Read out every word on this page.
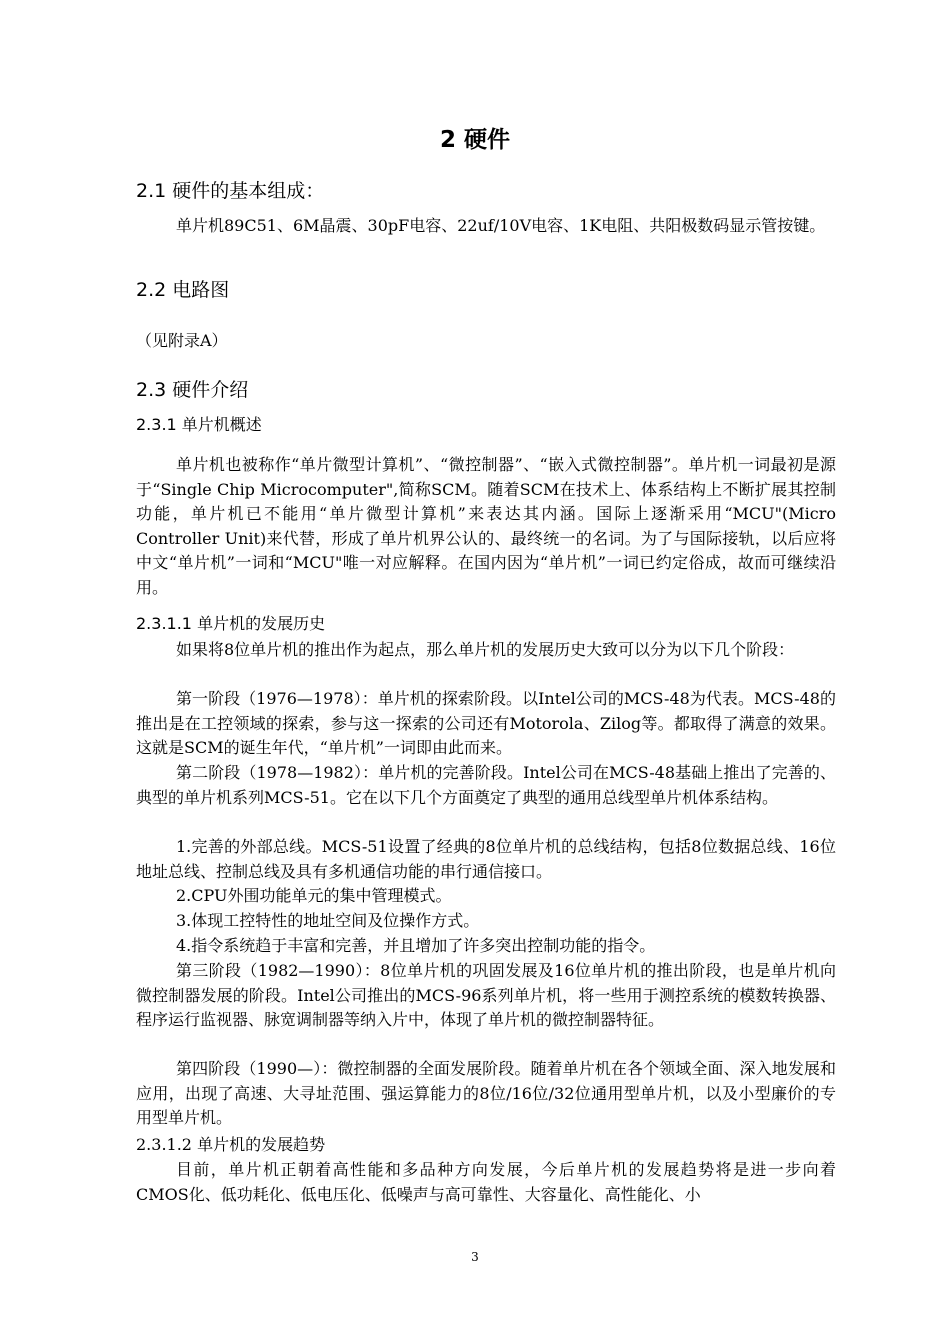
2 硬件
2.1 硬件的基本组成：

单片机89C51、6M晶震、30pF电容、22uf/10V电容、1K电阻、共阳极数码显示管按键。

2.2 电路图

（见附录A）

2.3 硬件介绍
2.3.1 单片机概述

单片机也被称作“单片微型计算机”、“微控制器”、“嵌入式微控制器”。单片机一词最初是源于“Single Chip Microcomputer",简称SCM。随着SCM在技术上、体系结构上不断扩展其控制功能，单片机已不能用“单片微型计算机”来表达其内涵。国际上逐渐采用“MCU"(Micro Controller Unit)来代替，形成了单片机界公认的、最终统一的名词。为了与国际接轨，以后应将中文“单片机”一词和“MCU"唯一对应解释。在国内因为“单片机”一词已约定俗成，故而可继续沿用。

2.3.1.1 单片机的发展历史

如果将8位单片机的推出作为起点，那么单片机的发展历史大致可以分为以下几个阶段：

第一阶段（1976—1978）：单片机的探索阶段。以Intel公司的MCS-48为代表。MCS-48的推出是在工控领域的探索，参与这一探索的公司还有Motorola、Zilog等。都取得了满意的效果。这就是SCM的诞生年代，“单片机”一词即由此而来。

第二阶段（1978—1982）：单片机的完善阶段。Intel公司在MCS-48基础上推出了完善的、典型的单片机系列MCS-51。它在以下几个方面奠定了典型的通用总线型单片机体系结构。

1.完善的外部总线。MCS-51设置了经典的8位单片机的总线结构，包括8位数据总线、16位地址总线、控制总线及具有多机通信功能的串行通信接口。

2.CPU外围功能单元的集中管理模式。

3.体现工控特性的地址空间及位操作方式。

4.指令系统趋于丰富和完善，并且增加了许多突出控制功能的指令。

第三阶段（1982—1990）：8位单片机的巩固发展及16位单片机的推出阶段，也是单片机向微控制器发展的阶段。Intel公司推出的MCS-96系列单片机，将一些用于测控系统的模数转换器、程序运行监视器、脉宽调制器等纳入片中，体现了单片机的微控制器特征。

第四阶段（1990—）：微控制器的全面发展阶段。随着单片机在各个领域全面、深入地发展和应用，出现了高速、大寻址范围、强运算能力的8位/16位/32位通用型单片机，以及小型廉价的专用型单片机。

2.3.1.2 单片机的发展趋势

目前，单片机正朝着高性能和多品种方向发展，今后单片机的发展趋势将是进一步向着CMOS化、低功耗化、低电压化、低噪声与高可靠性、大容量化、高性能化、小

3
